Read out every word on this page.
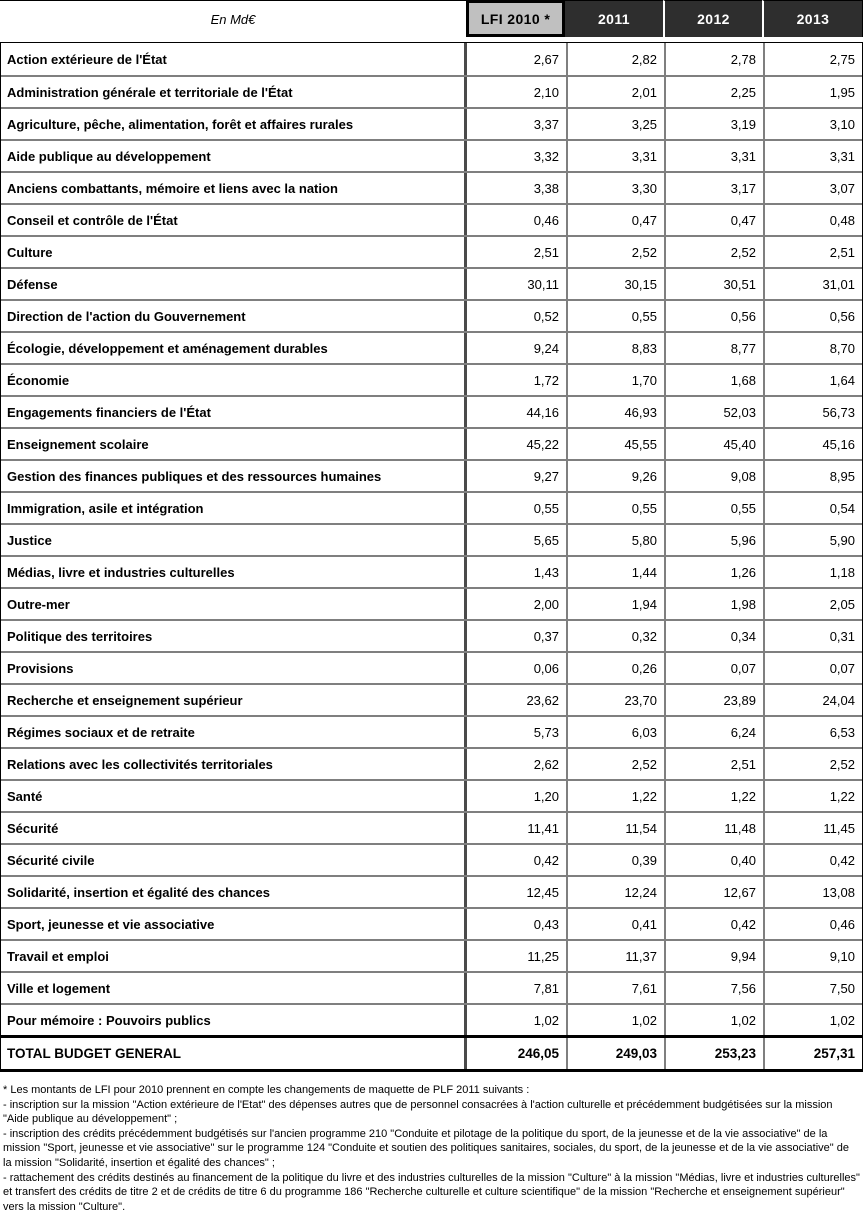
En Md€	LFI 2010 *	2011	2012	2013
Action extérieure de l'État	2,67	2,82	2,78	2,75
Administration générale et territoriale de l'État	2,10	2,01	2,25	1,95
Agriculture, pêche, alimentation, forêt et affaires rurales	3,37	3,25	3,19	3,10
Aide publique au développement	3,32	3,31	3,31	3,31
Anciens combattants, mémoire et liens avec la nation	3,38	3,30	3,17	3,07
Conseil et contrôle de l'État	0,46	0,47	0,47	0,48
Culture	2,51	2,52	2,52	2,51
Défense	30,11	30,15	30,51	31,01
Direction de l'action du Gouvernement	0,52	0,55	0,56	0,56
Écologie, développement et aménagement durables	9,24	8,83	8,77	8,70
Économie	1,72	1,70	1,68	1,64
Engagements financiers de l'État	44,16	46,93	52,03	56,73
Enseignement scolaire	45,22	45,55	45,40	45,16
Gestion des finances publiques et des ressources humaines	9,27	9,26	9,08	8,95
Immigration, asile et intégration	0,55	0,55	0,55	0,54
Justice	5,65	5,80	5,96	5,90
Médias, livre et industries culturelles	1,43	1,44	1,26	1,18
Outre-mer	2,00	1,94	1,98	2,05
Politique des territoires	0,37	0,32	0,34	0,31
Provisions	0,06	0,26	0,07	0,07
Recherche et enseignement supérieur	23,62	23,70	23,89	24,04
Régimes sociaux et de retraite	5,73	6,03	6,24	6,53
Relations avec les collectivités territoriales	2,62	2,52	2,51	2,52
Santé	1,20	1,22	1,22	1,22
Sécurité	11,41	11,54	11,48	11,45
Sécurité civile	0,42	0,39	0,40	0,42
Solidarité, insertion et égalité des chances	12,45	12,24	12,67	13,08
Sport, jeunesse et vie associative	0,43	0,41	0,42	0,46
Travail et emploi	11,25	11,37	9,94	9,10
Ville et logement	7,81	7,61	7,56	7,50
Pour mémoire : Pouvoirs publics	1,02	1,02	1,02	1,02
TOTAL BUDGET GENERAL	246,05	249,03	253,23	257,31

* Les montants de LFI pour 2010 prennent en compte les changements de maquette de PLF 2011 suivants :

- inscription sur la mission "Action extérieure de l'Etat" des dépenses autres que de personnel consacrées à l'action culturelle et précédemment budgétisées sur la mission "Aide publique au développement" ;

- inscription des crédits précédemment budgétisés sur l'ancien programme 210 "Conduite et pilotage de la politique du sport, de la jeunesse et de la vie associative" de la mission "Sport, jeunesse et vie associative" sur le programme 124 "Conduite et soutien des politiques sanitaires, sociales, du sport, de la jeunesse et de la vie associative" de la mission "Solidarité, insertion et égalité des chances" ;

- rattachement des crédits destinés au financement de la politique du livre et des industries culturelles de la mission "Culture" à la mission "Médias, livre et industries culturelles" et transfert des crédits de titre 2 et de crédits de titre 6 du programme 186 "Recherche culturelle et culture scientifique" de la mission "Recherche et enseignement supérieur" vers la mission "Culture".
